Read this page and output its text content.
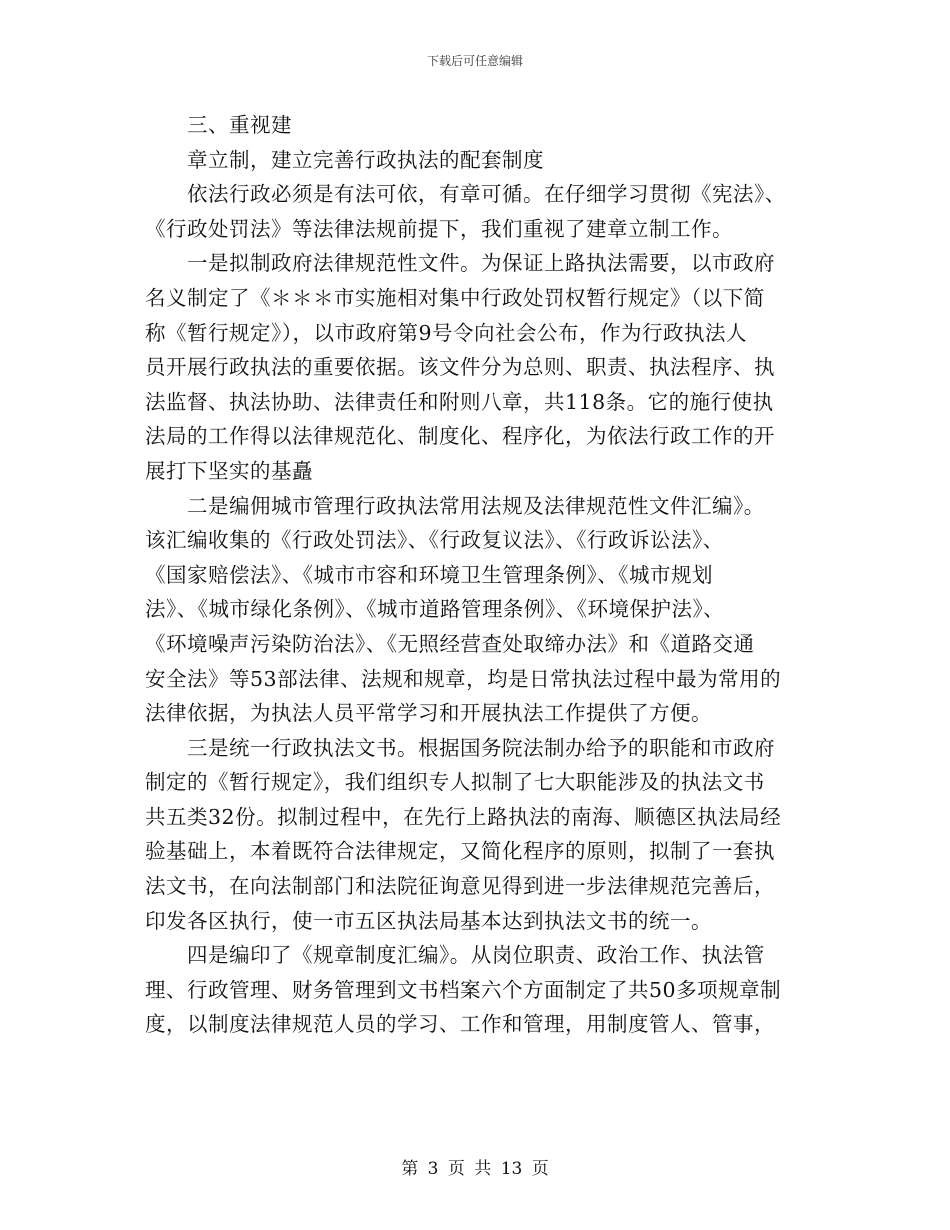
下载后可任意编辑
三、重视建
章立制，建立完善行政执法的配套制度
依法行政必须是有法可依，有章可循。在仔细学习贯彻《宪法》、
《行政处罚法》等法律法规前提下，我们重视了建章立制工作。
一是拟制政府法律规范性文件。为保证上路执法需要，以市政府
名义制定了《＊＊＊市实施相对集中行政处罚权暂行规定》（以下简
称《暂行规定》），以市政府第9号令向社会公布，作为行政执法人
员开展行政执法的重要依据。该文件分为总则、职责、执法程序、执
法监督、执法协助、法律责任和附则八章，共118条。它的施行使执
法局的工作得以法律规范化、制度化、程序化，为依法行政工作的开
展打下坚实的基矗
二是编佣城市管理行政执法常用法规及法律规范性文件汇编》。
该汇编收集的《行政处罚法》、《行政复议法》、《行政诉讼法》、
《国家赔偿法》、《城市市容和环境卫生管理条例》、《城市规划
法》、《城市绿化条例》、《城市道路管理条例》、《环境保护法》、
《环境噪声污染防治法》、《无照经营查处取缔办法》和《道路交通
安全法》等53部法律、法规和规章，均是日常执法过程中最为常用的
法律依据，为执法人员平常学习和开展执法工作提供了方便。
三是统一行政执法文书。根据国务院法制办给予的职能和市政府
制定的《暂行规定》，我们组织专人拟制了七大职能涉及的执法文书
共五类32份。拟制过程中，在先行上路执法的南海、顺德区执法局经
验基础上，本着既符合法律规定，又简化程序的原则，拟制了一套执
法文书，在向法制部门和法院征询意见得到进一步法律规范完善后，
印发各区执行，使一市五区执法局基本达到执法文书的统一。
四是编印了《规章制度汇编》。从岗位职责、政治工作、执法管
理、行政管理、财务管理到文书档案六个方面制定了共50多项规章制
度，以制度法律规范人员的学习、工作和管理，用制度管人、管事，
第 3 页 共 13 页
